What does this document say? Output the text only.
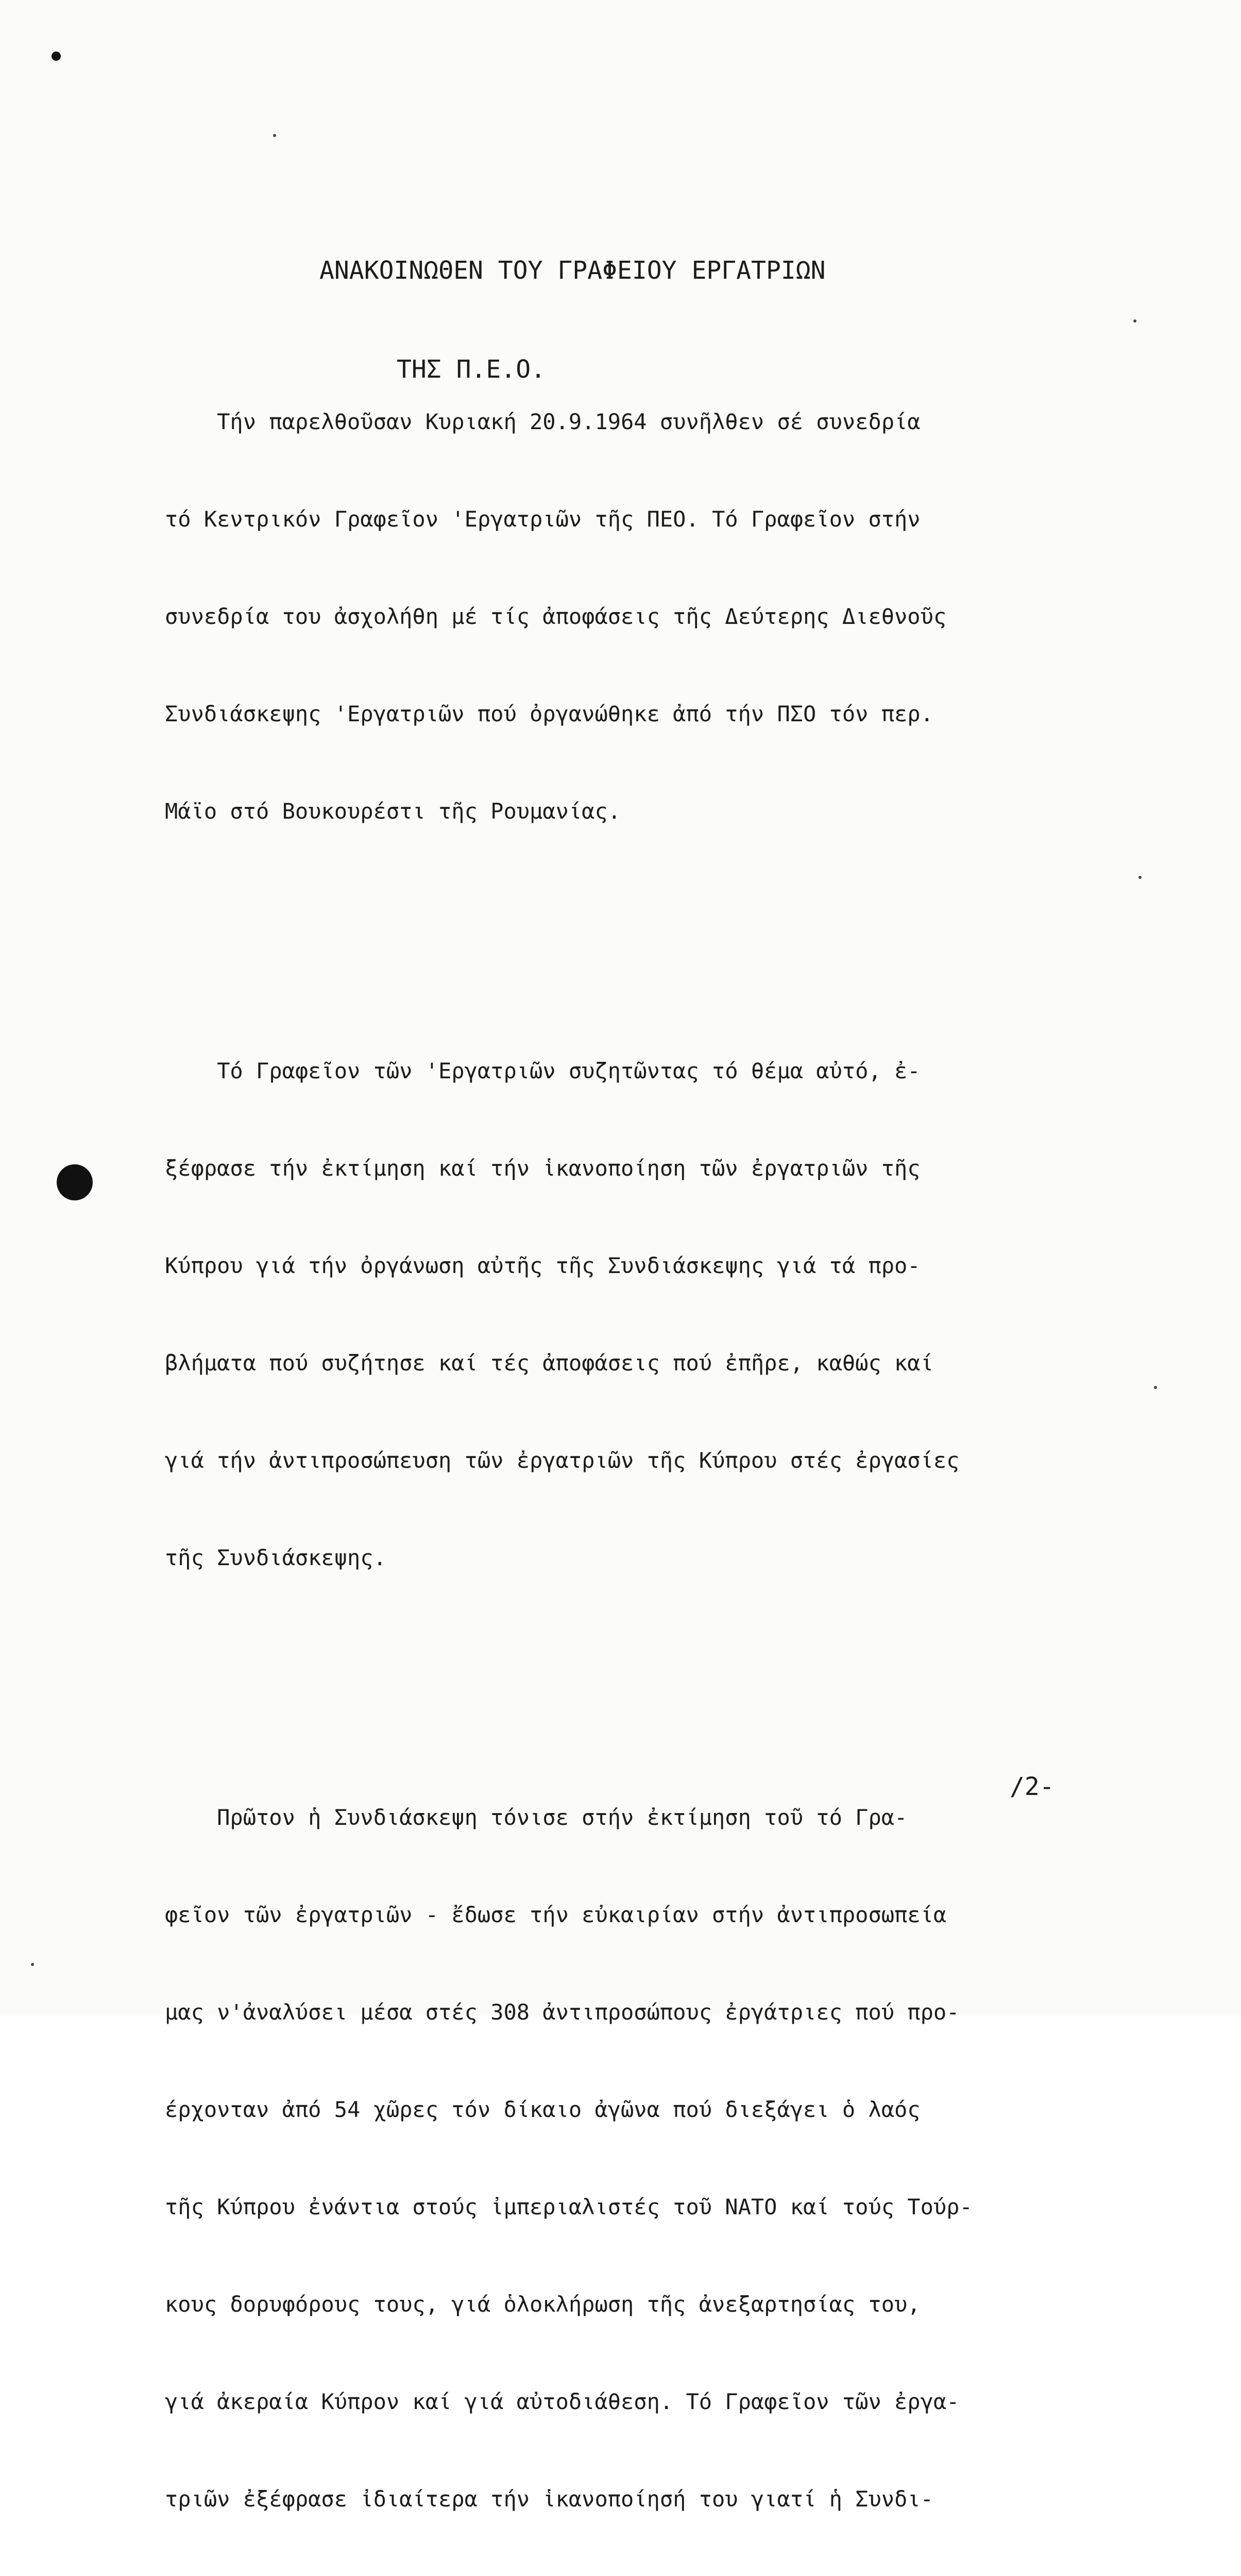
ΑΝΑΚΟΙΝΩΘΕΝ ΤΟΥ ΓΡΑΦΕΙΟΥ ΕΡΓΑΤΡΙΩΝ

ΤΗΣ Π.Ε.Ο.

Τήν παρελθοῦσαν Κυριακή 20.9.1964 συνῆλθεν σέ συνεδρία

τό Κεντρικόν Γραφεῖον 'Εργατριῶν τῆς ΠΕΟ. Τό Γραφεῖον στήν

συνεδρία του ἀσχολήθη μέ τίς ἀποφάσεις τῆς Δεύτερης Διεθνοῦς

Συνδιάσκεψης 'Εργατριῶν πού ὀργανώθηκε ἀπό τήν ΠΣΟ τόν περ.

Μάϊο στό Βουκουρέστι τῆς Ρουμανίας.

Τό Γραφεῖον τῶν 'Εργατριῶν συζητῶντας τό θέμα αὐτό, ἐ-

ξέφρασε τήν ἐκτίμηση καί τήν ἱκανοποίηση τῶν ἐργατριῶν τῆς

Κύπρου γιά τήν ὀργάνωση αὐτῆς τῆς Συνδιάσκεψης γιά τά προ-

βλήματα πού συζήτησε καί τές ἀποφάσεις πού ἐπῆρε, καθώς καί

γιά τήν ἀντιπροσώπευση τῶν ἐργατριῶν τῆς Κύπρου στές ἐργασίες

τῆς Συνδιάσκεψης.

Πρῶτον ἡ Συνδιάσκεψη τόνισε στήν ἐκτίμηση τοῦ τό Γρα-

φεῖον τῶν ἐργατριῶν - ἔδωσε τήν εὐκαιρίαν στήν ἀντιπροσωπεία

μας ν'ἀναλύσει μέσα στές 308 ἀντιπροσώπους ἐργάτριες πού προ-

έρχονταν ἀπό 54 χῶρες τόν δίκαιο ἀγῶνα πού διεξάγει ὁ λαός

τῆς Κύπρου ἐνάντια στούς ἰμπεριαλιστές τοῦ ΝΑΤΟ καί τούς Τούρ-

κους δορυφόρους τους, γιά ὁλοκλήρωση τῆς ἀνεξαρτησίας του,

γιά ἀκεραία Κύπρον καί γιά αὐτοδιάθεση. Τό Γραφεῖον τῶν ἐργα-

τριῶν ἐξέφρασε ἰδιαίτερα τήν ἱκανοποίησή του γιατί ἡ Συνδι-

/2-
